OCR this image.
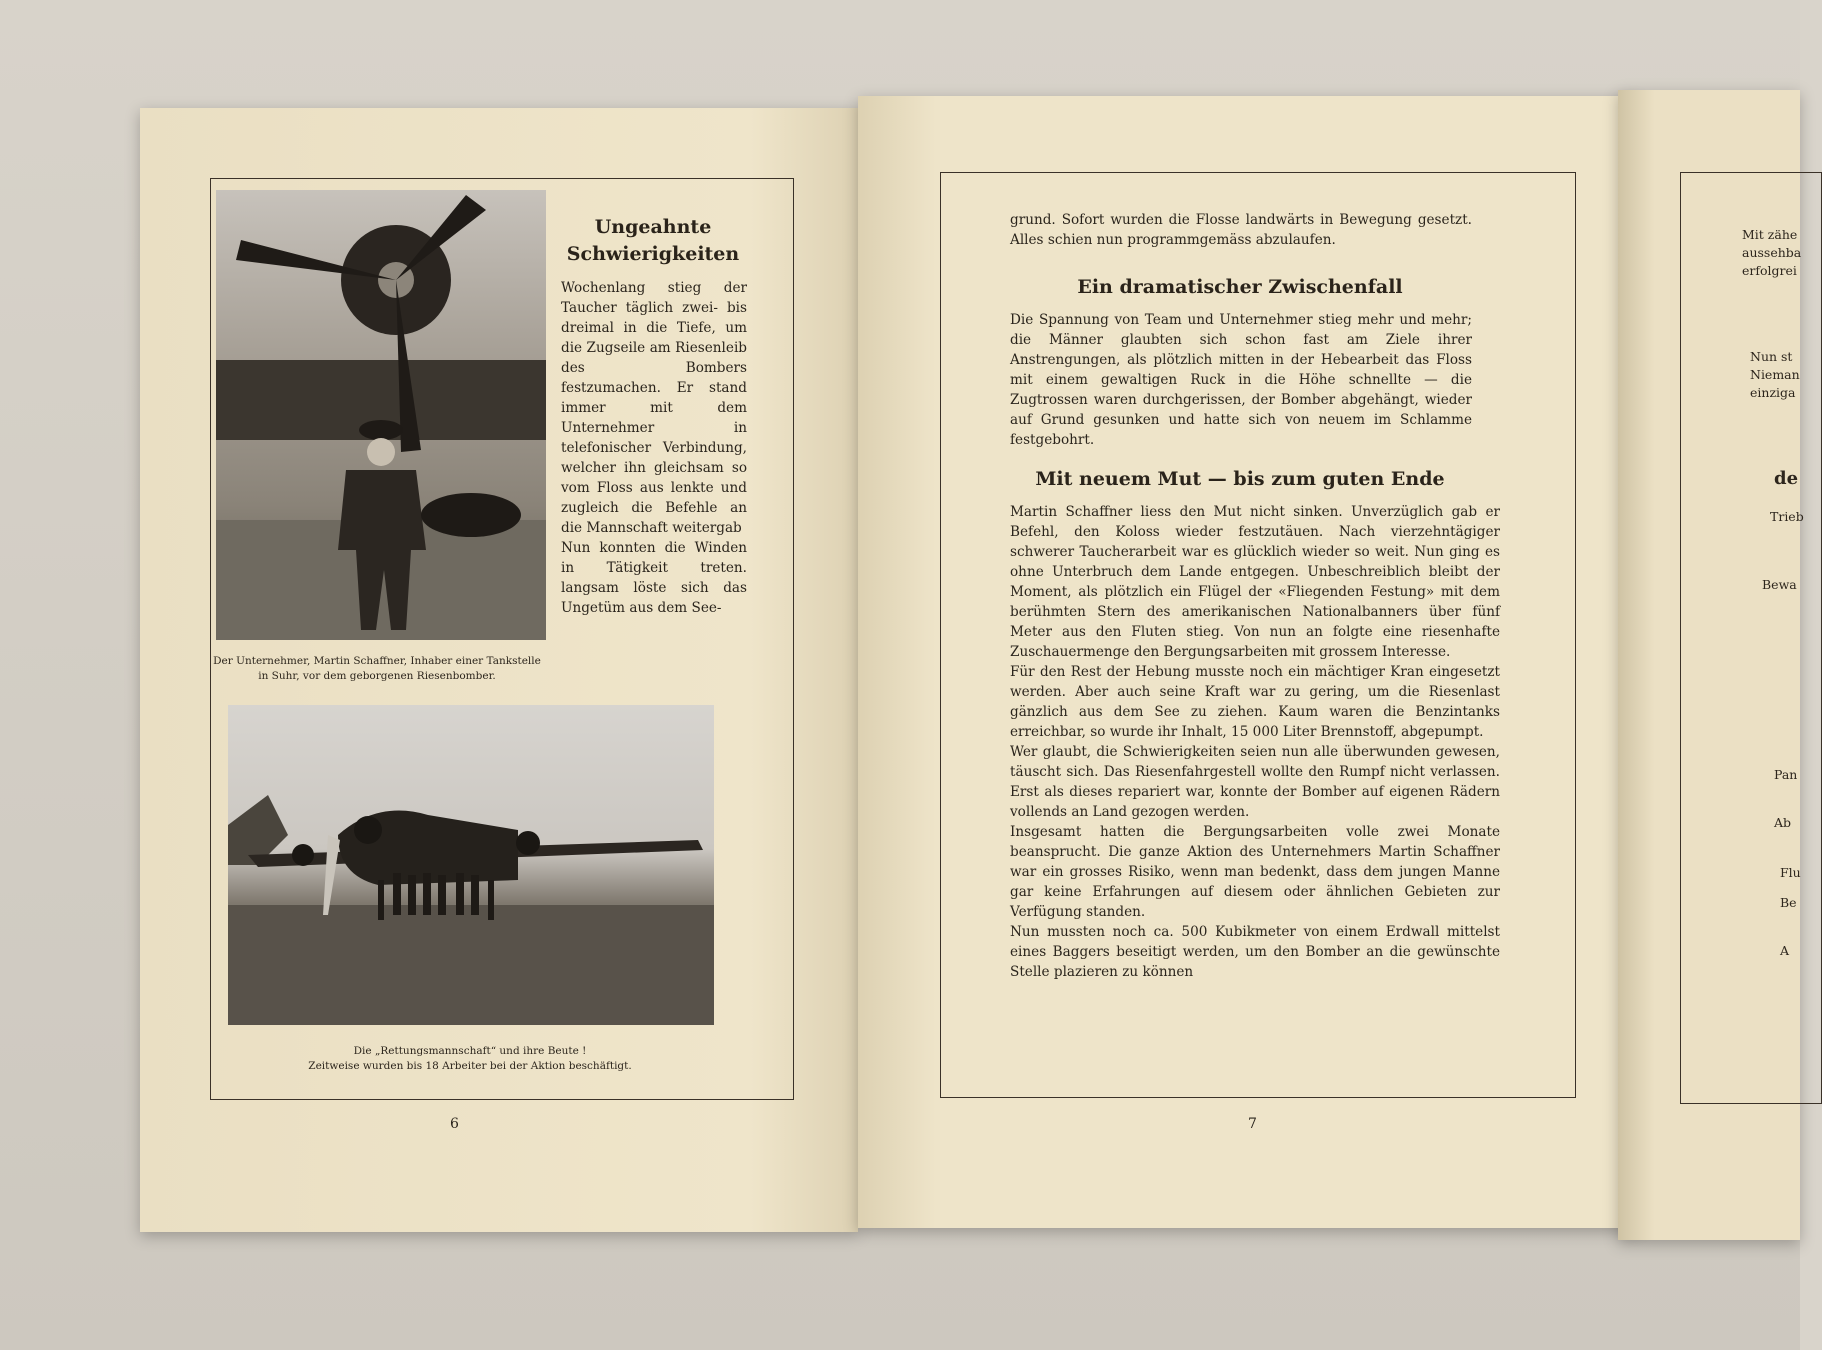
Der Unternehmer, Martin Schaffner, Inhaber einer Tankstelle in Suhr, vor dem geborgenen Riesenbomber.
Ungeahnte Schwierigkeiten

Wochenlang stieg der Taucher täglich zwei- bis dreimal in die Tiefe, um die Zugseile am Riesenleib des Bombers festzumachen. Er stand immer mit dem Unternehmer in telefonischer Verbindung, welcher ihn gleichsam so vom Floss aus lenkte und zugleich die Befehle an die Mannschaft weitergab

Nun konnten die Winden in Tätigkeit treten. langsam löste sich das Ungetüm aus dem See-

Die „Rettungsmannschaft“ und ihre Beute !
Zeitweise wurden bis 18 Arbeiter bei der Aktion beschäftigt.
6
grund. Sofort wurden die Flosse landwärts in Bewegung gesetzt. Alles schien nun programmgemäss abzulaufen.
Ein dramatischer Zwischenfall
Die Spannung von Team und Unternehmer stieg mehr und mehr; die Männer glaubten sich schon fast am Ziele ihrer Anstrengungen, als plötzlich mitten in der Hebearbeit das Floss mit einem gewaltigen Ruck in die Höhe schnellte — die Zugtrossen waren durchgerissen, der Bomber abgehängt, wieder auf Grund gesunken und hatte sich von neuem im Schlamme festgebohrt.
Mit neuem Mut — bis zum guten Ende

Martin Schaffner liess den Mut nicht sinken. Unverzüglich gab er Befehl, den Koloss wieder festzutäuen. Nach vierzehntägiger schwerer Taucherarbeit war es glücklich wieder so weit. Nun ging es ohne Unterbruch dem Lande entgegen. Unbeschreiblich bleibt der Moment, als plötzlich ein Flügel der «Fliegenden Festung» mit dem berühmten Stern des amerikanischen Nationalbanners über fünf Meter aus den Fluten stieg. Von nun an folgte eine riesenhafte Zuschauermenge den Bergungsarbeiten mit grossem Interesse.

Für den Rest der Hebung musste noch ein mächtiger Kran eingesetzt werden. Aber auch seine Kraft war zu gering, um die Riesenlast gänzlich aus dem See zu ziehen. Kaum waren die Benzintanks erreichbar, so wurde ihr Inhalt, 15 000 Liter Brennstoff, abgepumpt.

Wer glaubt, die Schwierigkeiten seien nun alle überwunden gewesen, täuscht sich. Das Riesenfahrgestell wollte den Rumpf nicht verlassen. Erst als dieses repariert war, konnte der Bomber auf eigenen Rädern vollends an Land gezogen werden.

Insgesamt hatten die Bergungsarbeiten volle zwei Monate beansprucht. Die ganze Aktion des Unternehmers Martin Schaffner war ein grosses Risiko, wenn man bedenkt, dass dem jungen Manne gar keine Erfahrungen auf diesem oder ähnlichen Gebieten zur Verfügung standen.

Nun mussten noch ca. 500 Kubikmeter von einem Erdwall mittelst eines Baggers beseitigt werden, um den Bomber an die gewünschte Stelle plazieren zu können

7
Mit zähe
aussehba
erfolgrei
Nun st
Nieman
einziga
de
Trieb
Bewa
Pan
Ab
Flu
Be
A
